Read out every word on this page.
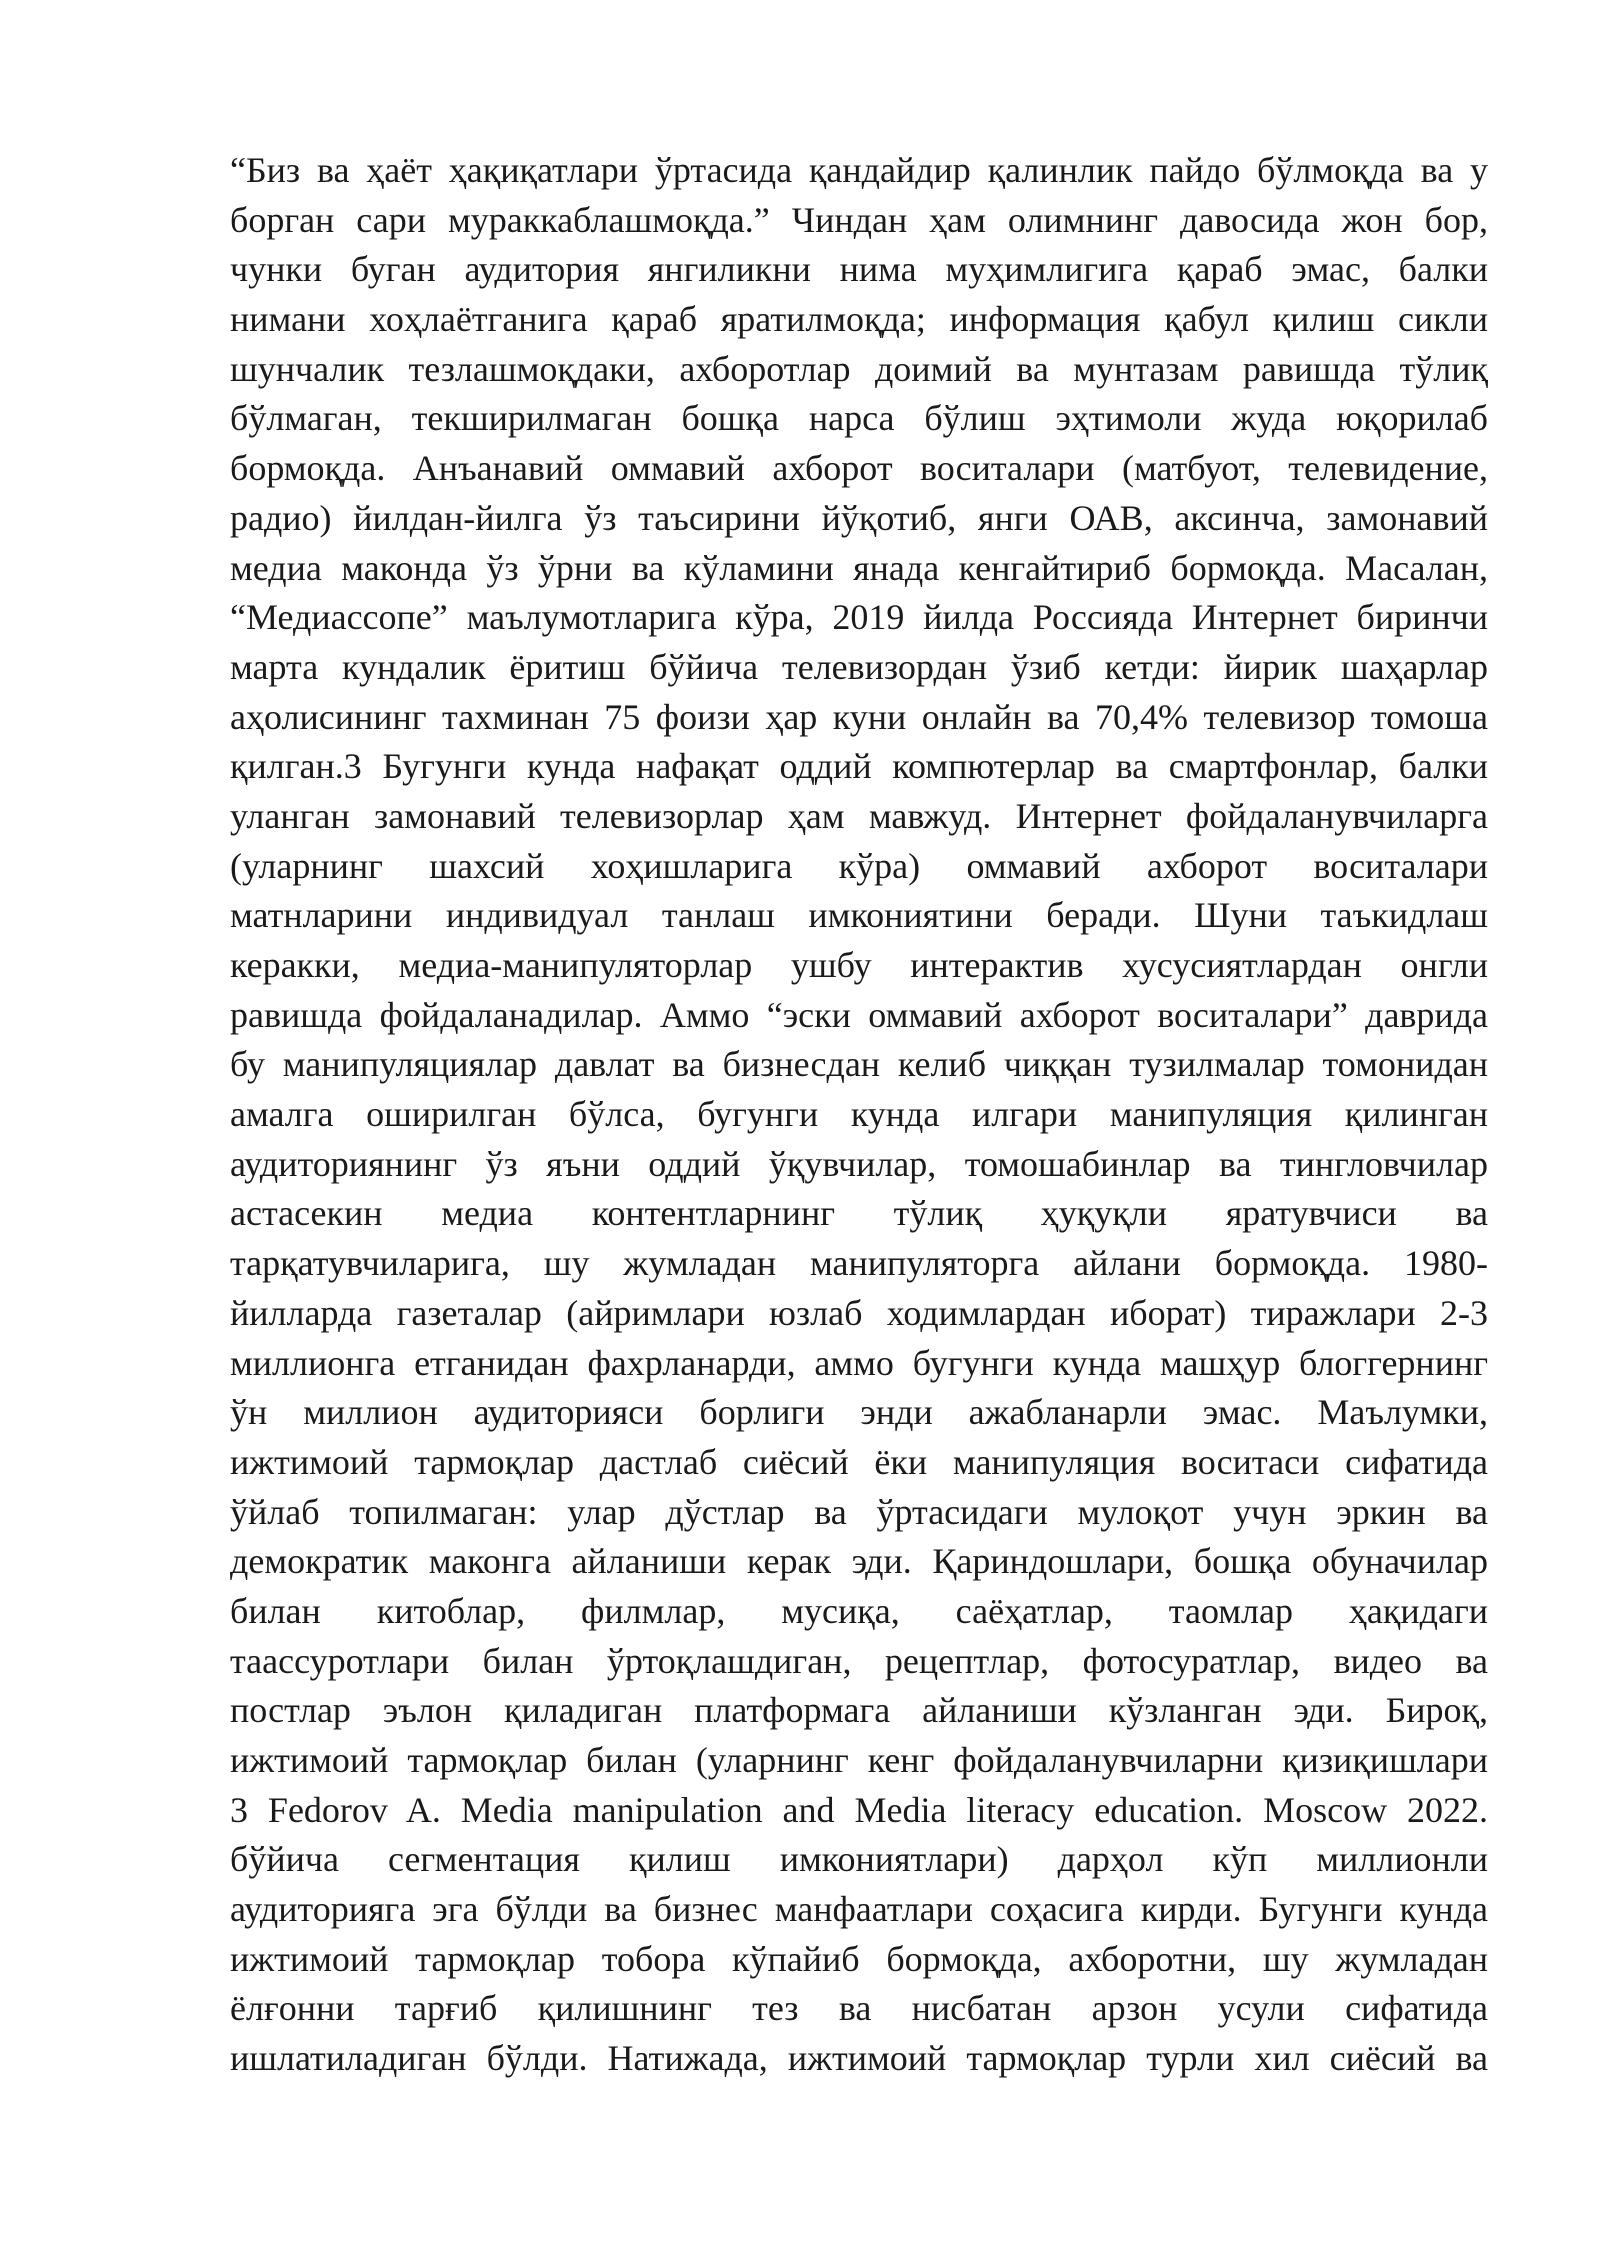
“Биз ва ҳаёт ҳақиқатлари ўртасида қандайдир қалинлик пайдо бўлмоқда ва у
борган сари мураккаблашмоқда.” Чиндан ҳам олимнинг давосида жон бор,
чунки буган аудитория янгиликни нима муҳимлигига қараб эмас, балки
нимани хоҳлаётганига қараб яратилмоқда; информация қабул қилиш сикли
шунчалик тезлашмоқдаки, ахборотлар доимий ва мунтазам равишда тўлиқ
бўлмаган, текширилмаган бошқа нарса бўлиш эҳтимоли жуда юқорилаб
бормоқда. Анъанавий оммавий ахборот воситалари (матбуот, телевидение,
радио) йилдан-йилга ўз таъсирини йўқотиб, янги ОАВ, аксинча, замонавий
медиа маконда ўз ўрни ва кўламини янада кенгайтириб бормоқда. Масалан,
“Медиассопе” маълумотларига кўра, 2019 йилда Россияда Интернет биринчи
марта кундалик ёритиш бўйича телевизордан ўзиб кетди: йирик шаҳарлар
аҳолисининг тахминан 75 фоизи ҳар куни онлайн ва 70,4% телевизор томоша
қилган.3 Бугунги кунда нафақат оддий компютерлар ва смартфонлар, балки
уланган замонавий телевизорлар ҳам мавжуд. Интернет фойдаланувчиларга
(уларнинг шахсий хоҳишларига кўра) оммавий ахборот воситалари
матнларини индивидуал танлаш имкониятини беради. Шуни таъкидлаш
керакки, медиа-манипуляторлар ушбу интерактив хусусиятлардан онгли
равишда фойдаланадилар. Аммо “эски оммавий ахборот воситалари” даврида
бу манипуляциялар давлат ва бизнесдан келиб чиққан тузилмалар томонидан
амалга оширилган бўлса, бугунги кунда илгари манипуляция қилинган
аудиториянинг ўз яъни оддий ўқувчилар, томошабинлар ва тингловчилар
астасекин медиа контентларнинг тўлиқ ҳуқуқли яратувчиси ва
тарқатувчиларига, шу жумладан манипуляторга айлани бормоқда. 1980-
йилларда газеталар (айримлари юзлаб ходимлардан иборат) тиражлари 2-3
миллионга етганидан фахрланарди, аммо бугунги кунда машҳур блоггернинг
ўн миллион аудиторияси борлиги энди ажабланарли эмас. Маълумки,
ижтимоий тармоқлар дастлаб сиёсий ёки манипуляция воситаси сифатида
ўйлаб топилмаган: улар дўстлар ва ўртасидаги мулоқот учун эркин ва
демократик маконга айланиши керак эди. Қариндошлари, бошқа обуначилар
билан китоблар, филмлар, мусиқа, саёҳатлар, таомлар ҳақидаги
таассуротлари билан ўртоқлашдиган, рецептлар, фотосуратлар, видео ва
постлар эълон қиладиган платформага айланиши кўзланган эди. Бироқ,
ижтимоий тармоқлар билан (уларнинг кенг фойдаланувчиларни қизиқишлари
3 Fedorov A. Media manipulation and Media literacy education. Moscow 2022.
бўйича сегментация қилиш имкониятлари) дарҳол кўп миллионли
аудиторияга эга бўлди ва бизнес манфаатлари соҳасига кирди. Бугунги кунда
ижтимоий тармоқлар тобора кўпайиб бормоқда, ахборотни, шу жумладан
ёлғонни тарғиб қилишнинг тез ва нисбатан арзон усули сифатида
ишлатиладиган бўлди. Натижада, ижтимоий тармоқлар турли хил сиёсий ва
